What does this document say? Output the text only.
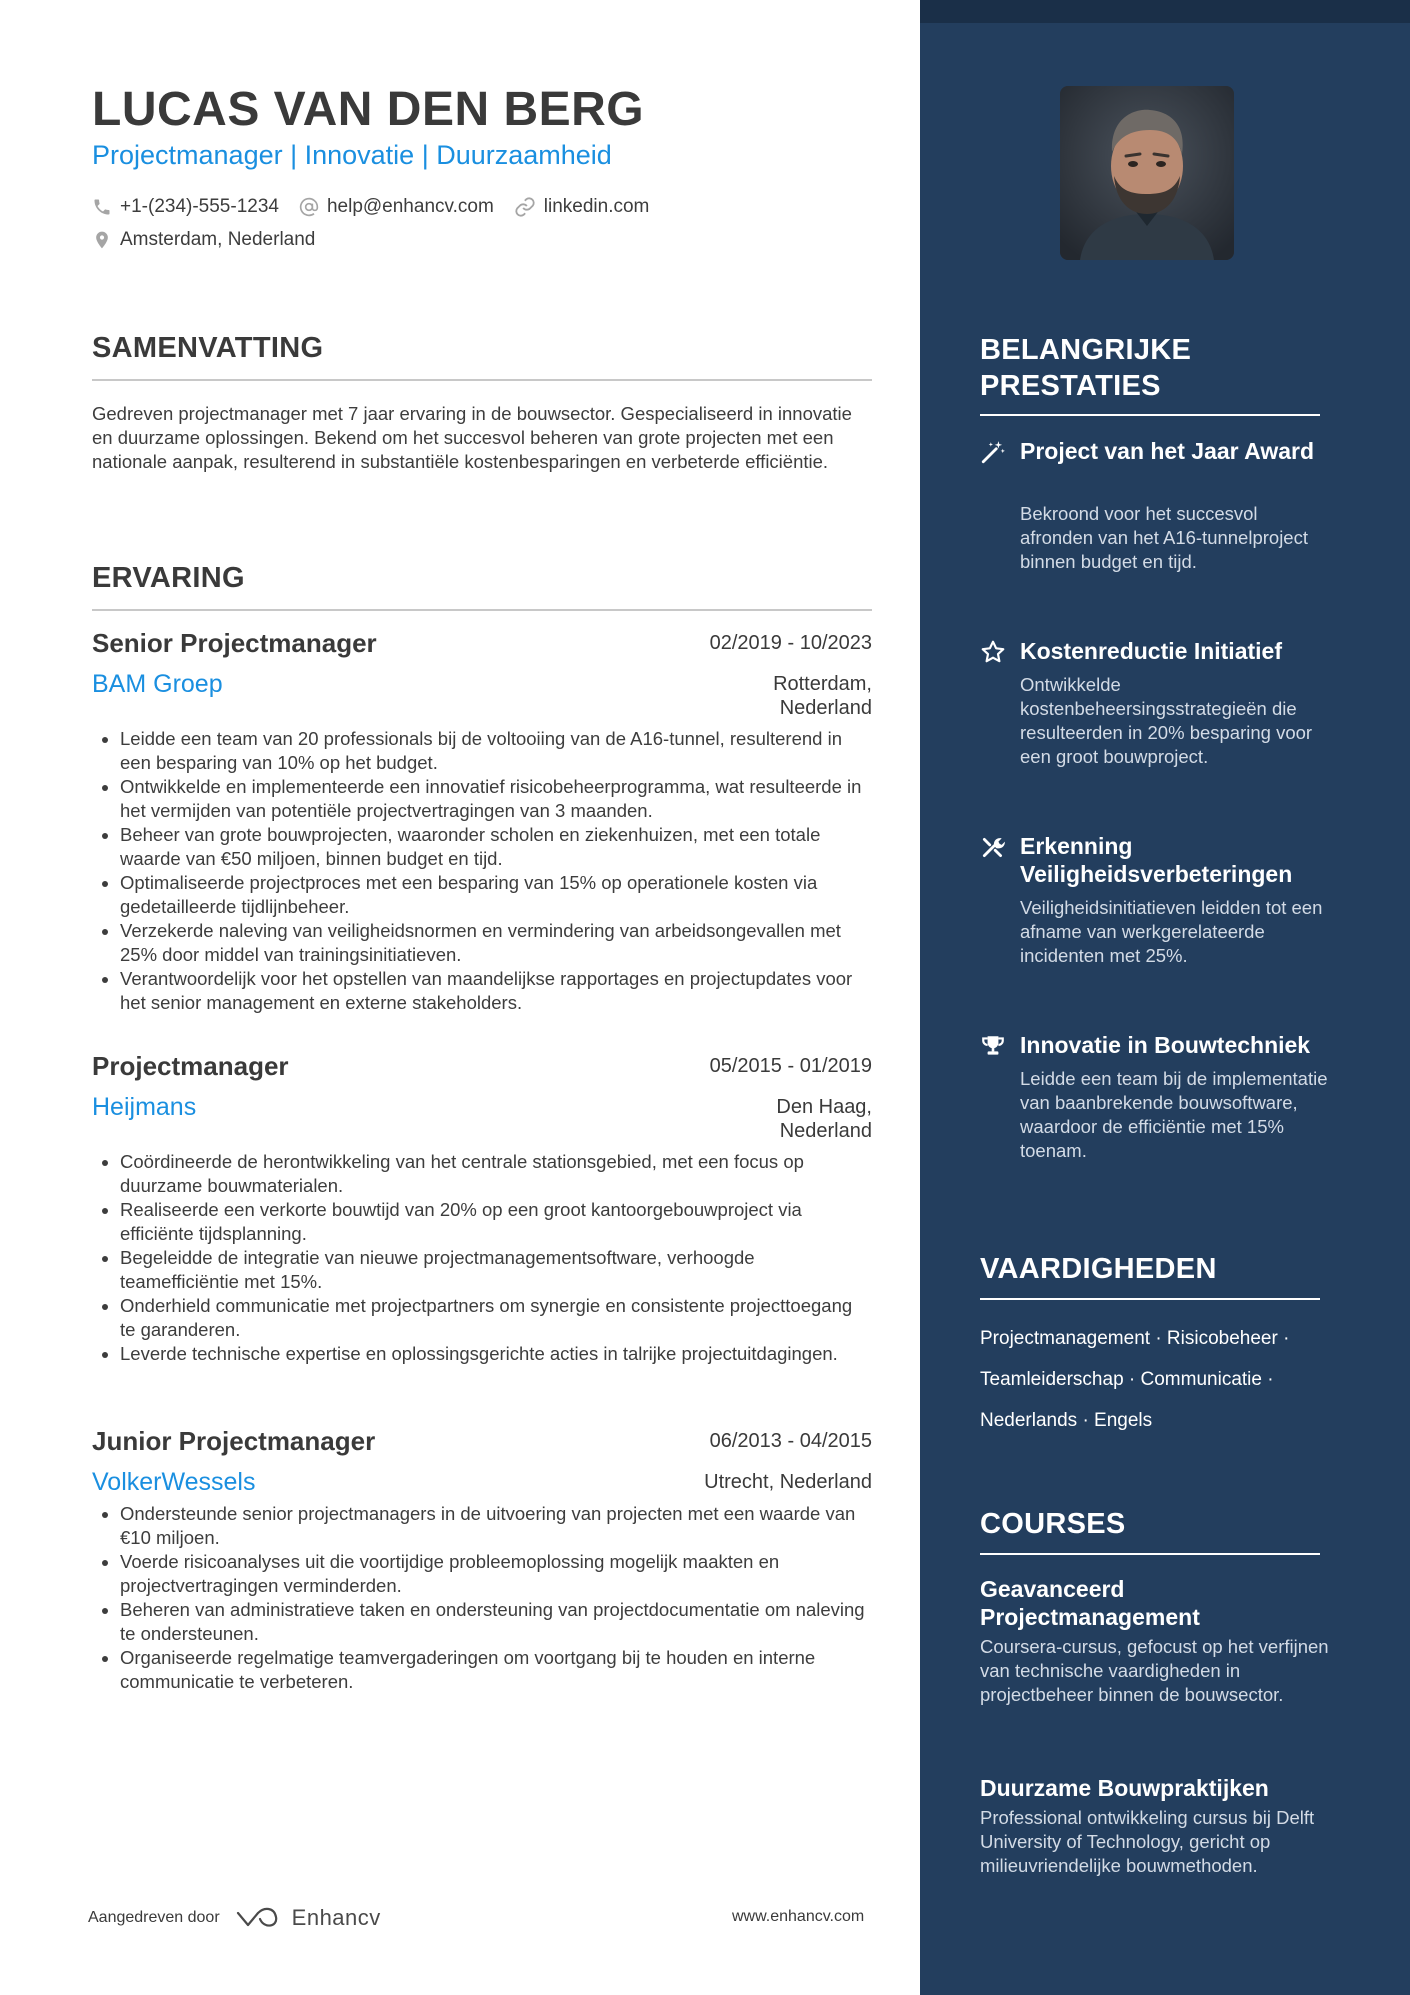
LUCAS VAN DEN BERG
Projectmanager | Innovatie | Duurzaamheid
+1-(234)-555-1234	help@enhancv.com	linkedin.com
Amsterdam, Nederland
SAMENVATTING

Gedreven projectmanager met 7 jaar ervaring in de bouwsector. Gespecialiseerd in innovatie en duurzame oplossingen. Bekend om het succesvol beheren van grote projecten met een nationale aanpak, resulterend in substantiële kostenbesparingen en verbeterde efficiëntie.

ERVARING
Senior Projectmanager	02/2019 - 10/2023
BAM Groep	Rotterdam,
Nederland
• Leidde een team van 20 professionals bij de voltooiing van de A16-tunnel, resulterend in een besparing van 10% op het budget.
• Ontwikkelde en implementeerde een innovatief risicobeheerprogramma, wat resulteerde in het vermijden van potentiële projectvertragingen van 3 maanden.
• Beheer van grote bouwprojecten, waaronder scholen en ziekenhuizen, met een totale waarde van €50 miljoen, binnen budget en tijd.
• Optimaliseerde projectproces met een besparing van 15% op operationele kosten via gedetailleerde tijdlijnbeheer.
• Verzekerde naleving van veiligheidsnormen en vermindering van arbeidsongevallen met 25% door middel van trainingsinitiatieven.
• Verantwoordelijk voor het opstellen van maandelijkse rapportages en projectupdates voor het senior management en externe stakeholders.
Projectmanager	05/2015 - 01/2019
Heijmans	Den Haag,
Nederland
• Coördineerde de herontwikkeling van het centrale stationsgebied, met een focus op duurzame bouwmaterialen.
• Realiseerde een verkorte bouwtijd van 20% op een groot kantoorgebouwproject via efficiënte tijdsplanning.
• Begeleidde de integratie van nieuwe projectmanagementsoftware, verhoogde teamefficiëntie met 15%.
• Onderhield communicatie met projectpartners om synergie en consistente projecttoegang te garanderen.
• Leverde technische expertise en oplossingsgerichte acties in talrijke projectuitdagingen.
Junior Projectmanager	06/2013 - 04/2015
VolkerWessels	Utrecht, Nederland
• Ondersteunde senior projectmanagers in de uitvoering van projecten met een waarde van €10 miljoen.
• Voerde risicoanalyses uit die voortijdige probleemoplossing mogelijk maakten en projectvertragingen verminderden.
• Beheren van administratieve taken en ondersteuning van projectdocumentatie om naleving te ondersteunen.
• Organiseerde regelmatige teamvergaderingen om voortgang bij te houden en interne communicatie te verbeteren.
Aangedreven door	Enhancv	www.enhancv.com
BELANGRIJKE
PRESTATIES
Project van het Jaar Award

Bekroond voor het succesvol afronden van het A16-tunnelproject binnen budget en tijd.

Kostenreductie Initiatief

Ontwikkelde kostenbeheersingsstrategieën die resulteerden in 20% besparing voor een groot bouwproject.

Erkenning Veiligheidsverbeteringen

Veiligheidsinitiatieven leidden tot een afname van werkgerelateerde incidenten met 25%.

Innovatie in Bouwtechniek

Leidde een team bij de implementatie van baanbrekende bouwsoftware, waardoor de efficiëntie met 15% toenam.

VAARDIGHEDEN
Projectmanagement · Risicobeheer ·
Teamleiderschap · Communicatie ·
Nederlands · Engels
COURSES
Geavanceerd Projectmanagement

Coursera-cursus, gefocust op het verfijnen van technische vaardigheden in projectbeheer binnen de bouwsector.

Duurzame Bouwpraktijken

Professional ontwikkeling cursus bij Delft University of Technology, gericht op milieuvriendelijke bouwmethoden.
